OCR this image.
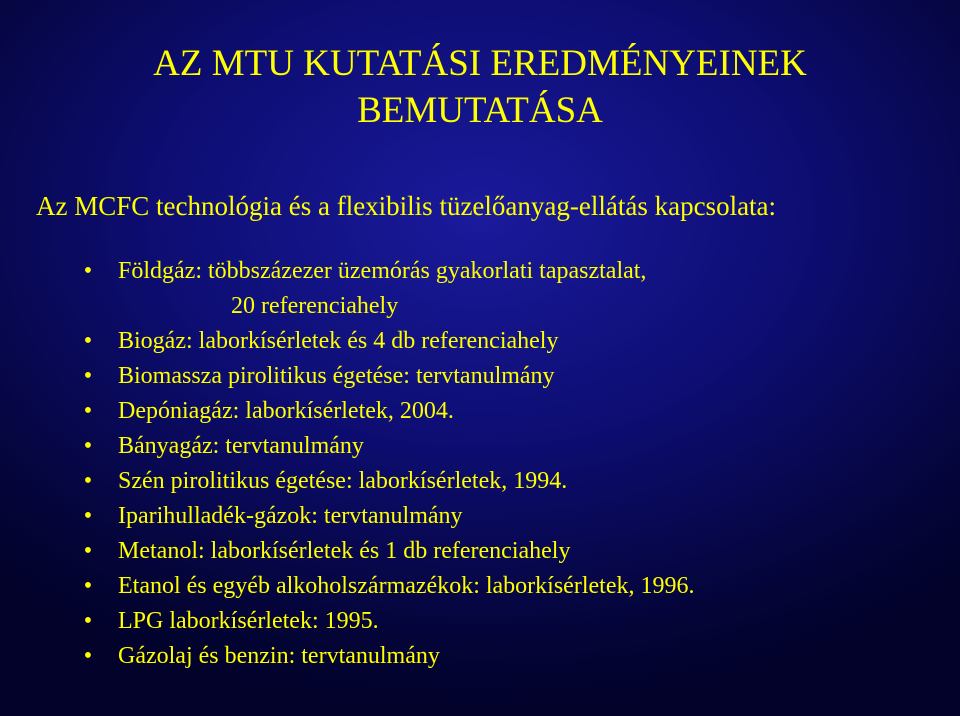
AZ MTU KUTATÁSI EREDMÉNYEINEK
BEMUTATÁSA

Az MCFC technológia és a flexibilis tüzelőanyag-ellátás kapcsolata:

• Földgáz: többszázezer üzemórás gyakorlati tapasztalat,
20 referenciahely
• Biogáz: laborkísérletek és 4 db referenciahely
• Biomassza pirolitikus égetése: tervtanulmány
• Depóniagáz: laborkísérletek, 2004.
• Bányagáz: tervtanulmány
• Szén pirolitikus égetése: laborkísérletek, 1994.
• Iparihulladék-gázok: tervtanulmány
• Metanol: laborkísérletek és 1 db referenciahely
• Etanol és egyéb alkoholszármazékok: laborkísérletek, 1996.
• LPG laborkísérletek: 1995.
• Gázolaj és benzin: tervtanulmány
